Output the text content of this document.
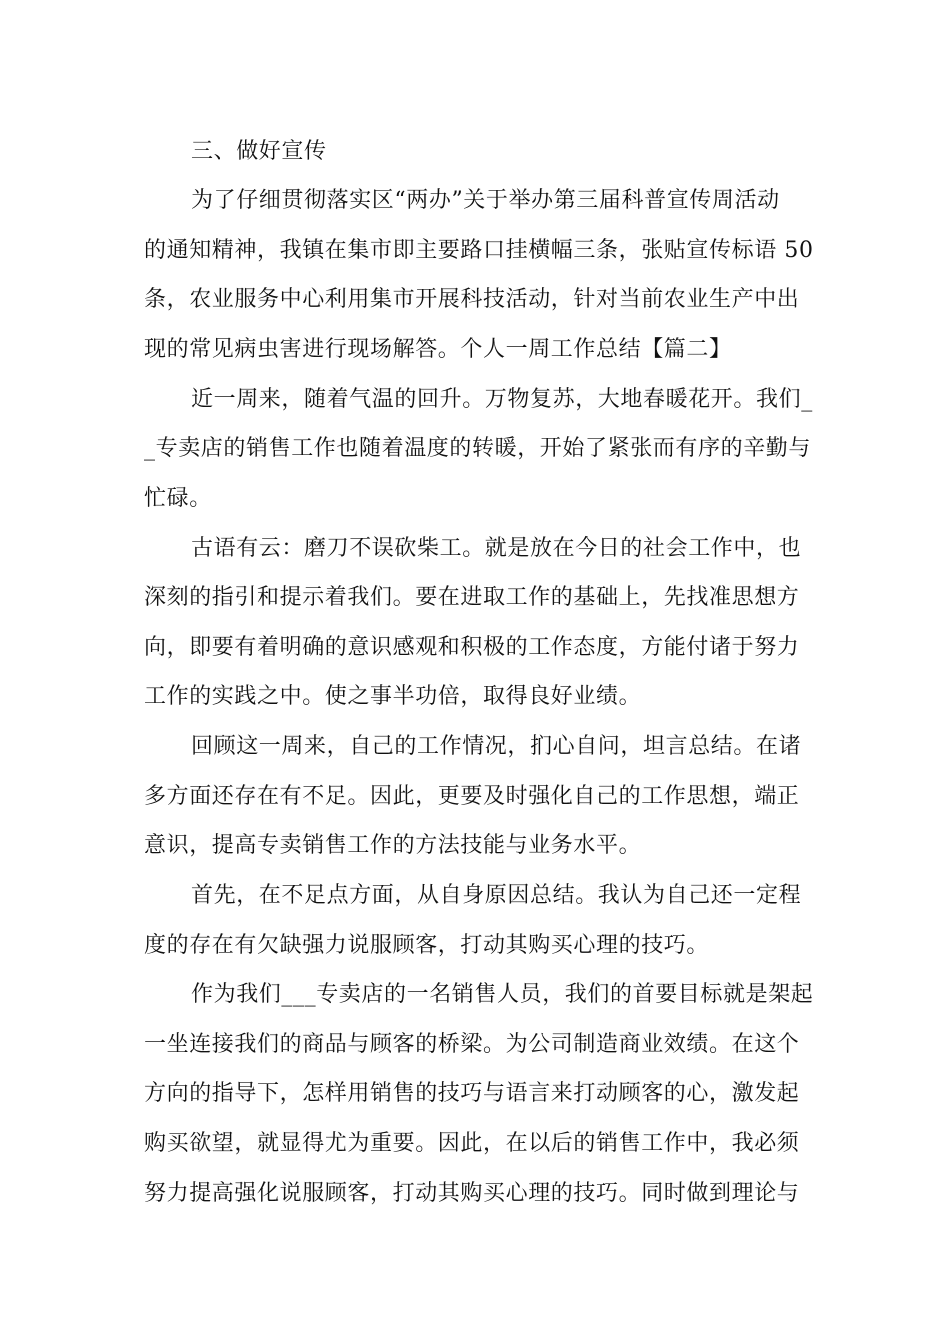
三、做好宣传
为了仔细贯彻落实区“两办”关于举办第三届科普宣传周活动
的通知精神，我镇在集市即主要路口挂横幅三条，张贴宣传标语 50
条，农业服务中心利用集市开展科技活动，针对当前农业生产中出
现的常见病虫害进行现场解答。个人一周工作总结【篇二】
近一周来，随着气温的回升。万物复苏，大地春暖花开。我们_
_专卖店的销售工作也随着温度的转暖，开始了紧张而有序的辛勤与
忙碌。
古语有云：磨刀不误砍柴工。就是放在今日的社会工作中，也
深刻的指引和提示着我们。要在进取工作的基础上，先找准思想方
向，即要有着明确的意识感观和积极的工作态度，方能付诸于努力
工作的实践之中。使之事半功倍，取得良好业绩。
回顾这一周来，自己的工作情况，扪心自问，坦言总结。在诸
多方面还存在有不足。因此，更要及时强化自己的工作思想，端正
意识，提高专卖销售工作的方法技能与业务水平。
首先，在不足点方面，从自身原因总结。我认为自己还一定程
度的存在有欠缺强力说服顾客，打动其购买心理的技巧。
作为我们___专卖店的一名销售人员，我们的首要目标就是架起
一坐连接我们的商品与顾客的桥梁。为公司制造商业效绩。在这个
方向的指导下，怎样用销售的技巧与语言来打动顾客的心，激发起
购买欲望，就显得尤为重要。因此，在以后的销售工作中，我必须
努力提高强化说服顾客，打动其购买心理的技巧。同时做到理论与
